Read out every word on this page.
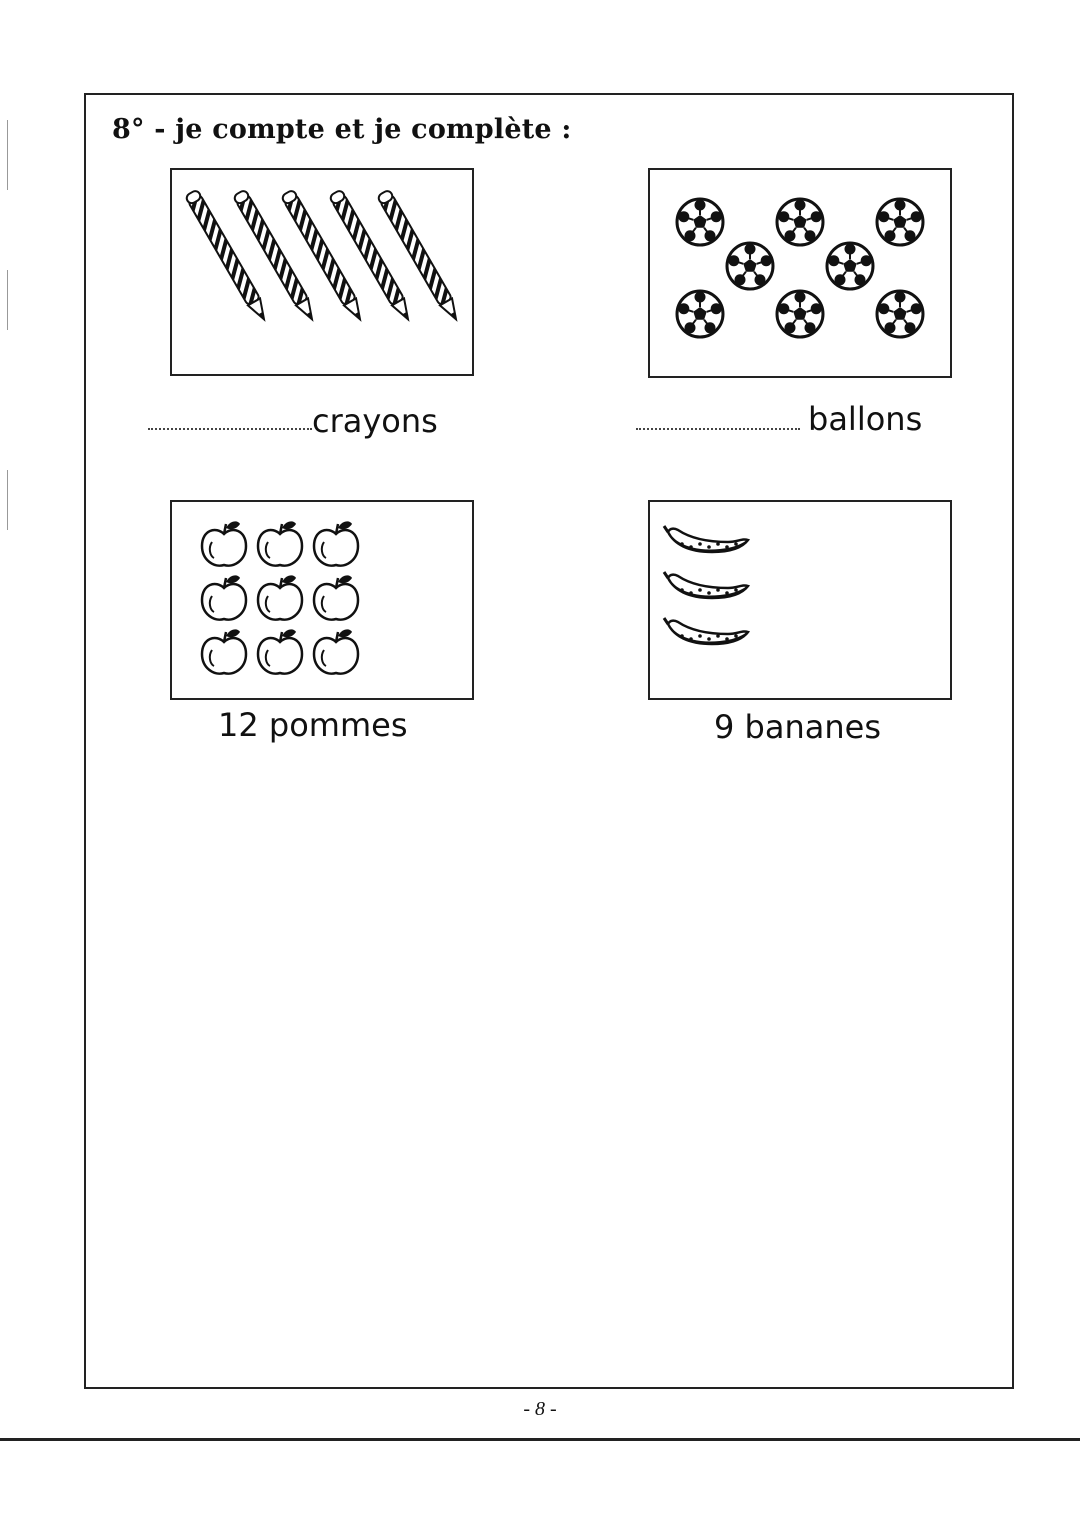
8° - je compte et je complète :
crayons	ballons
12 pommes	9 bananes
- 8 -
